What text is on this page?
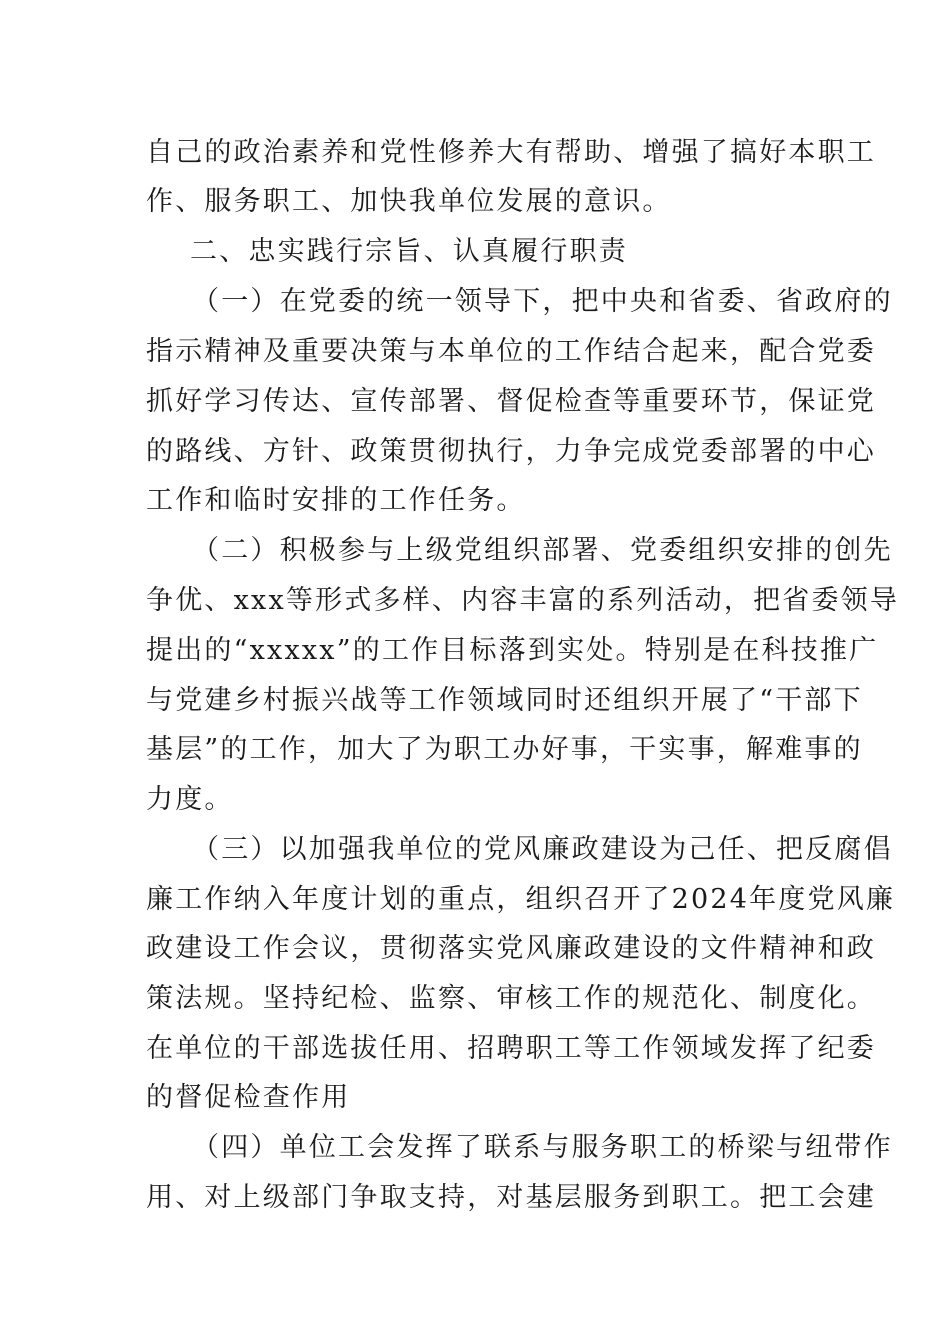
自己的政治素养和党性修养大有帮助、增强了搞好本职工
作、服务职工、加快我单位发展的意识。
二、忠实践行宗旨、认真履行职责
（一）在党委的统一领导下，把中央和省委、省政府的
指示精神及重要决策与本单位的工作结合起来，配合党委
抓好学习传达、宣传部署、督促检查等重要环节，保证党
的路线、方针、政策贯彻执行，力争完成党委部署的中心
工作和临时安排的工作任务。
（二）积极参与上级党组织部署、党委组织安排的创先
争优、xxx等形式多样、内容丰富的系列活动，把省委领导
提出的“xxxxx”的工作目标落到实处。特别是在科技推广
与党建乡村振兴战等工作领域同时还组织开展了“干部下
基层”的工作，加大了为职工办好事，干实事，解难事的
力度。
（三）以加强我单位的党风廉政建设为己任、把反腐倡
廉工作纳入年度计划的重点，组织召开了2024年度党风廉
政建设工作会议，贯彻落实党风廉政建设的文件精神和政
策法规。坚持纪检、监察、审核工作的规范化、制度化。
在单位的干部选拔任用、招聘职工等工作领域发挥了纪委
的督促检查作用
（四）单位工会发挥了联系与服务职工的桥梁与纽带作
用、对上级部门争取支持，对基层服务到职工。把工会建
